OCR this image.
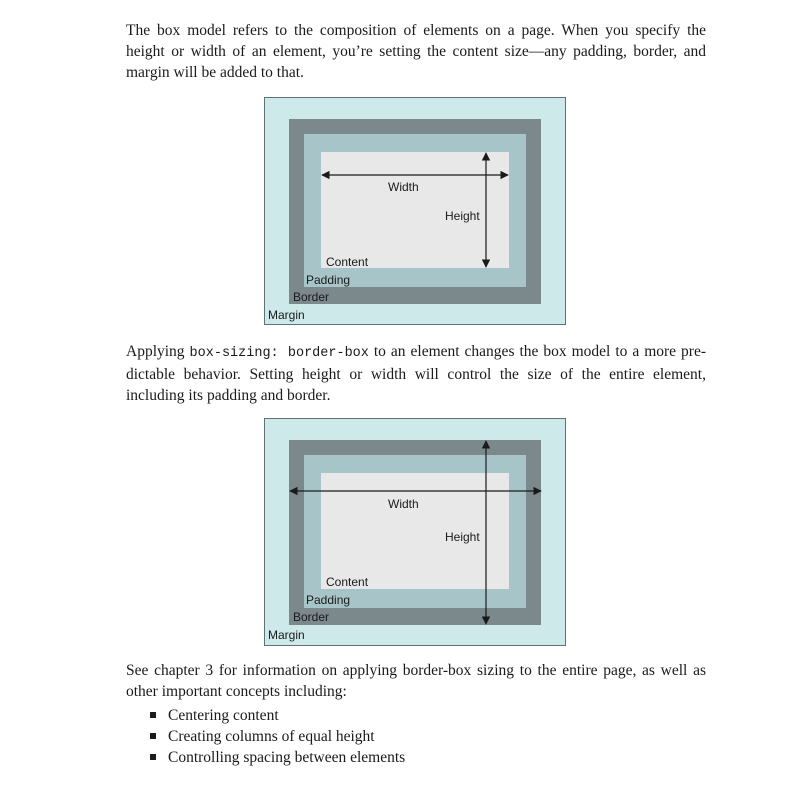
The box model refers to the composition of elements on a page. When you specify the
height or width of an element, you’re setting the content size—any padding, border, and
margin will be added to that.

Width
Height
Content
Padding
Border
Margin

Applying box-sizing: border-box to an element changes the box model to a more pre-
dictable behavior. Setting height or width will control the size of the entire element,
including its padding and border.

Width
Height
Content
Padding
Border
Margin

See chapter 3 for information on applying border-box sizing to the entire page, as well as
other important concepts including:

Centering content
Creating columns of equal height
Controlling spacing between elements
